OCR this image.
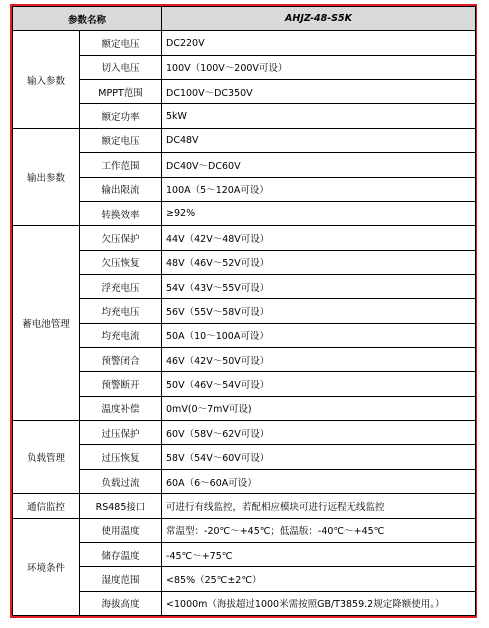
参数名称		AHJZ-48-S5K
输入参数	额定电压	DC220V
	切入电压	100V（100V～200V可设）
	MPPT范围	DC100V～DC350V
	额定功率	5kW
输出参数	额定电压	DC48V
	工作范围	DC40V～DC60V
	输出限流	100A（5～120A可设）
	转换效率	≥92%
蓄电池管理	欠压保护	44V（42V～48V可设）
	欠压恢复	48V（46V～52V可设）
	浮充电压	54V（43V～55V可设）
	均充电压	56V（55V～58V可设）
	均充电流	50A（10～100A可设）
	预警闭合	46V（42V～50V可设）
	预警断开	50V（46V～54V可设）
	温度补偿	0mV(0～7mV可设)
负载管理	过压保护	60V（58V～62V可设）
	过压恢复	58V（54V～60V可设）
	负载过流	60A（6～60A可设）
通信监控	RS485接口	可进行有线监控，若配相应模块可进行远程无线监控
环境条件	使用温度	常温型：-20℃～+45℃；低温版：-40℃～+45℃
	储存温度	-45℃～+75℃
	湿度范围	<85%（25℃±2℃）
	海拔高度	<1000m（海拔超过1000米需按照GB/T3859.2规定降额使用。）
